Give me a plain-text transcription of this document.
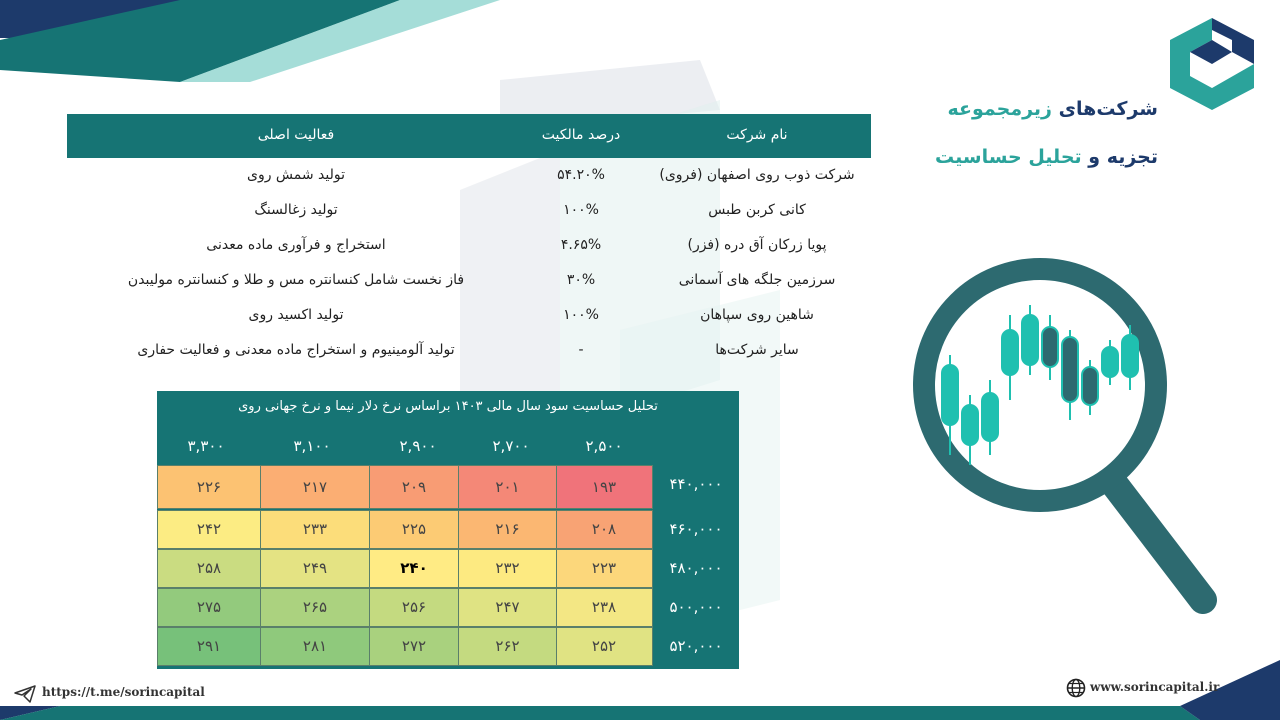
شرکت‌های زیرمجموعه
تجزیه و تحلیل حساسیت
نام شرکت
درصد مالکیت
فعالیت اصلی
شرکت ذوب روی اصفهان (فروی)
۵۴.۲۰%
تولید شمش روی
کانی کربن طبس
۱۰۰%
تولید زغالسنگ
پویا زرکان آق دره (فزر)
۴.۶۵%
استخراج و فرآوری ماده معدنی
سرزمین جلگه های آسمانی
۳۰%
فاز نخست شامل کنسانتره مس و طلا و کنسانتره مولیبدن
شاهین روی سپاهان
۱۰۰%
تولید اکسید روی
سایر شرکت‌ها
-
تولید آلومینیوم و استخراج ماده معدنی و فعالیت حفاری
تحلیل حساسیت سود سال مالی ۱۴۰۳ براساس نرخ دلار نیما و نرخ جهانی روی
۲,۵۰۰
۲,۷۰۰
۲,۹۰۰
۳,۱۰۰
۳,۳۰۰
۴۴۰,۰۰۰
۱۹۳
۲۰۱
۲۰۹
۲۱۷
۲۲۶
۴۶۰,۰۰۰
۲۰۸
۲۱۶
۲۲۵
۲۳۳
۲۴۲
۴۸۰,۰۰۰
۲۲۳
۲۳۲
۲۴۰
۲۴۹
۲۵۸
۵۰۰,۰۰۰
۲۳۸
۲۴۷
۲۵۶
۲۶۵
۲۷۵
۵۲۰,۰۰۰
۲۵۲
۲۶۲
۲۷۲
۲۸۱
۲۹۱
https://t.me/sorincapital	www.sorincapital.ir
